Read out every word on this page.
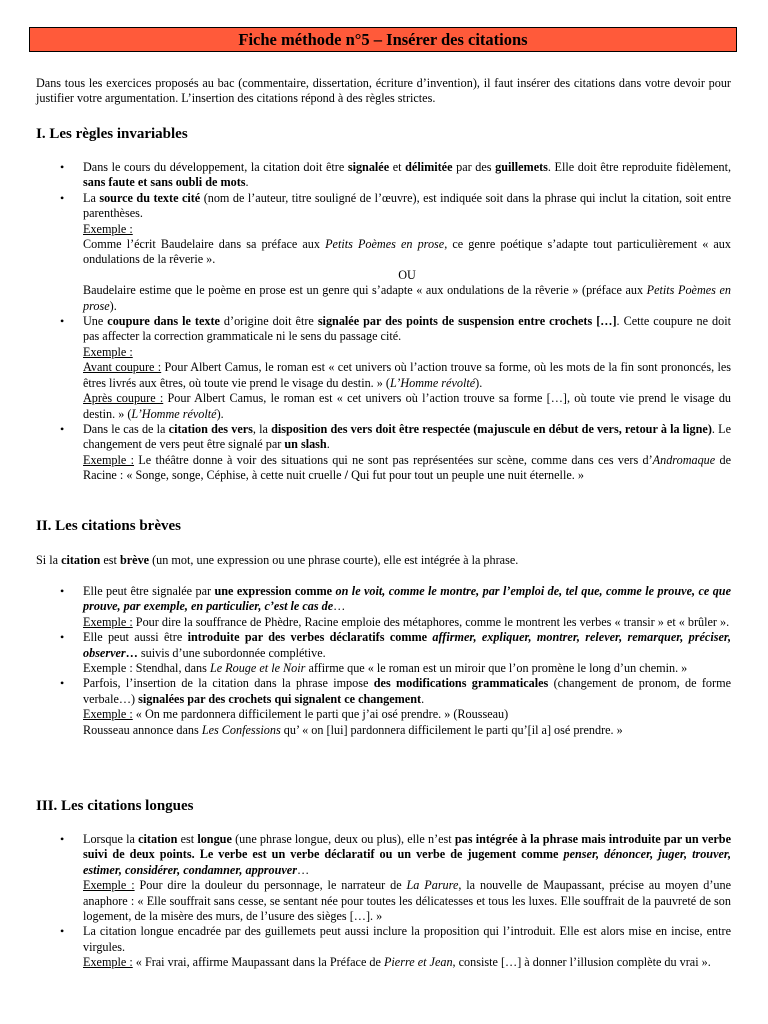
Fiche méthode n°5 – Insérer des citations
Dans tous les exercices proposés au bac (commentaire, dissertation, écriture d’invention), il faut insérer des citations dans votre devoir pour justifier votre argumentation. L’insertion des citations répond à des règles strictes.
I. Les règles invariables
• Dans le cours du développement, la citation doit être signalée et délimitée par des guillemets. Elle doit être reproduite fidèlement, sans faute et sans oubli de mots.
• La source du texte cité (nom de l’auteur, titre souligné de l’œuvre), est indiquée soit dans la phrase qui inclut la citation, soit entre parenthèses.
Exemple :
Comme l’écrit Baudelaire dans sa préface aux Petits Poèmes en prose, ce genre poétique s’adapte tout particulièrement « aux ondulations de la rêverie ».
OU
Baudelaire estime que le poème en prose est un genre qui s’adapte « aux ondulations de la rêverie » (préface aux Petits Poèmes en prose).
• Une coupure dans le texte d’origine doit être signalée par des points de suspension entre crochets […]. Cette coupure ne doit pas affecter la correction grammaticale ni le sens du passage cité.
Exemple :
Avant coupure : Pour Albert Camus, le roman est « cet univers où l’action trouve sa forme, où les mots de la fin sont prononcés, les êtres livrés aux êtres, où toute vie prend le visage du destin. » (L’Homme révolté).
Après coupure : Pour Albert Camus, le roman est « cet univers où l’action trouve sa forme […], où toute vie prend le visage du destin. » (L’Homme révolté).
• Dans le cas de la citation des vers, la disposition des vers doit être respectée (majuscule en début de vers, retour à la ligne). Le changement de vers peut être signalé par un slash.
Exemple : Le théâtre donne à voir des situations qui ne sont pas représentées sur scène, comme dans ces vers d’Andromaque de Racine : « Songe, songe, Céphise, à cette nuit cruelle / Qui fut pour tout un peuple une nuit éternelle. »
II. Les citations brèves
Si la citation est brève (un mot, une expression ou une phrase courte), elle est intégrée à la phrase.
• Elle peut être signalée par une expression comme on le voit, comme le montre, par l’emploi de, tel que, comme le prouve, ce que prouve, par exemple, en particulier, c’est le cas de…
Exemple : Pour dire la souffrance de Phèdre, Racine emploie des métaphores, comme le montrent les verbes « transir » et « brûler ».
• Elle peut aussi être introduite par des verbes déclaratifs comme affirmer, expliquer, montrer, relever, remarquer, préciser, observer… suivis d’une subordonnée complétive.
Exemple : Stendhal, dans Le Rouge et le Noir affirme que « le roman est un miroir que l’on promène le long d’un chemin. »
• Parfois, l’insertion de la citation dans la phrase impose des modifications grammaticales (changement de pronom, de forme verbale…) signalées par des crochets qui signalent ce changement.
Exemple : « On me pardonnera difficilement le parti que j’ai osé prendre. » (Rousseau)
Rousseau annonce dans Les Confessions qu’ « on [lui] pardonnera difficilement le parti qu’[il a] osé prendre. »
III. Les citations longues
• Lorsque la citation est longue (une phrase longue, deux ou plus), elle n’est pas intégrée à la phrase mais introduite par un verbe suivi de deux points. Le verbe est un verbe déclaratif ou un verbe de jugement comme penser, dénoncer, juger, trouver, estimer, considérer, condamner, approuver…
Exemple : Pour dire la douleur du personnage, le narrateur de La Parure, la nouvelle de Maupassant, précise au moyen d’une anaphore : « Elle souffrait sans cesse, se sentant née pour toutes les délicatesses et tous les luxes. Elle souffrait de la pauvreté de son logement, de la misère des murs, de l’usure des sièges […]. »
• La citation longue encadrée par des guillemets peut aussi inclure la proposition qui l’introduit. Elle est alors mise en incise, entre virgules.
Exemple : « Frai vrai, affirme Maupassant dans la Préface de Pierre et Jean, consiste […] à donner l’illusion complète du vrai ».
